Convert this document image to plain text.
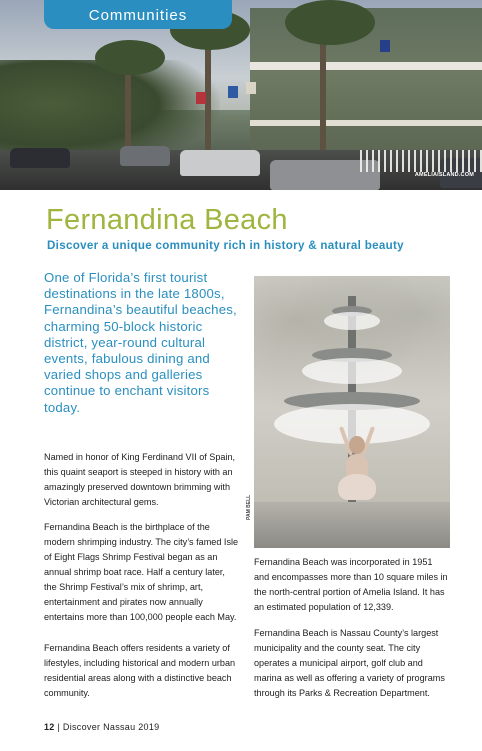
AMELIAISLAND.COM
Communities
Fernandina Beach
Discover a unique community rich in history & natural beauty
One of Florida’s first tourist destinations in the late 1800s, Fernandina’s beautiful beaches, charming 50-block historic district, year-round cultural events, fabulous dining and varied shops and galleries continue to enchant visitors today.
Named in honor of King Ferdinand VII of Spain, this quaint seaport is steeped in history with an amazingly preserved downtown brimming with Victorian architectural gems.
Fernandina Beach is the birthplace of the modern shrimping industry. The city’s famed Isle of Eight Flags Shrimp Festival began as an annual shrimp boat race. Half a century later, the Shrimp Festival’s mix of shrimp, art, entertainment and pirates now annually entertains more than 100,000 people each May.
Fernandina Beach offers residents a variety of lifestyles, including historical and modern urban residential areas along with a distinctive beach community.
PAM BELL
Fernandina Beach was incorporated in 1951 and encompasses more than 10 square miles in the north-central portion of Amelia Island. It has an estimated population of 12,339.
Fernandina Beach is Nassau County’s largest municipality and the county seat. The city operates a municipal airport, golf club and marina as well as offering a variety of programs through its Parks & Recreation Department.
12 | Discover Nassau 2019
